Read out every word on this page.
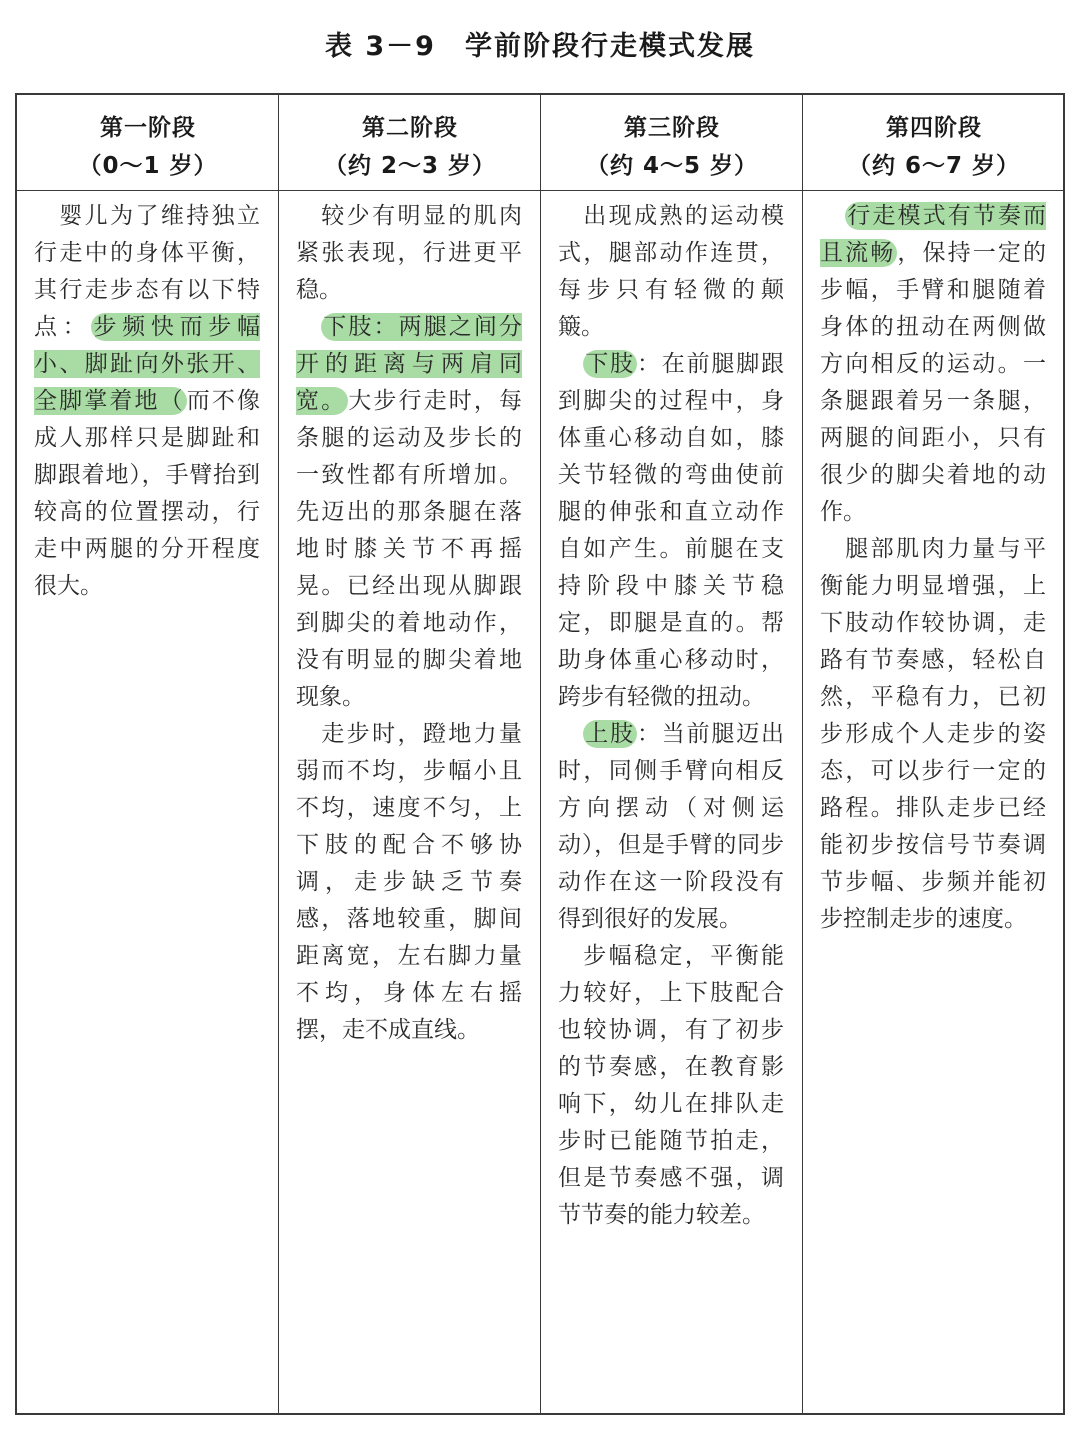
表 3－9　学前阶段行走模式发展
第一阶段
（0～1 岁）
第二阶段
（约 2～3 岁）
第三阶段
（约 4～5 岁）
第四阶段
（约 6～7 岁）

婴儿为了维持独立行走中的身体平衡，其行走步态有以下特点：步频快而步幅小、脚趾向外张开、全脚掌着地（而不像成人那样只是脚趾和脚跟着地），手臂抬到较高的位置摆动，行走中两腿的分开程度很大。

较少有明显的肌肉紧张表现，行进更平稳。

下肢：两腿之间分开的距离与两肩同宽。大步行走时，每条腿的运动及步长的一致性都有所增加。先迈出的那条腿在落地时膝关节不再摇晃。已经出现从脚跟到脚尖的着地动作，没有明显的脚尖着地现象。

走步时，蹬地力量弱而不均，步幅小且不均，速度不匀，上下肢的配合不够协调，走步缺乏节奏感，落地较重，脚间距离宽，左右脚力量不均，身体左右摇摆，走不成直线。

出现成熟的运动模式，腿部动作连贯，每步只有轻微的颠簸。

下肢：在前腿脚跟到脚尖的过程中，身体重心移动自如，膝关节轻微的弯曲使前腿的伸张和直立动作自如产生。前腿在支持阶段中膝关节稳定，即腿是直的。帮助身体重心移动时，跨步有轻微的扭动。

上肢：当前腿迈出时，同侧手臂向相反方向摆动（对侧运动），但是手臂的同步动作在这一阶段没有得到很好的发展。

步幅稳定，平衡能力较好，上下肢配合也较协调，有了初步的节奏感，在教育影响下，幼儿在排队走步时已能随节拍走，但是节奏感不强，调节节奏的能力较差。

行走模式有节奏而且流畅，保持一定的步幅，手臂和腿随着身体的扭动在两侧做方向相反的运动。一条腿跟着另一条腿，两腿的间距小，只有很少的脚尖着地的动作。

腿部肌肉力量与平衡能力明显增强，上下肢动作较协调，走路有节奏感，轻松自然，平稳有力，已初步形成个人走步的姿态，可以步行一定的路程。排队走步已经能初步按信号节奏调节步幅、步频并能初步控制走步的速度。
